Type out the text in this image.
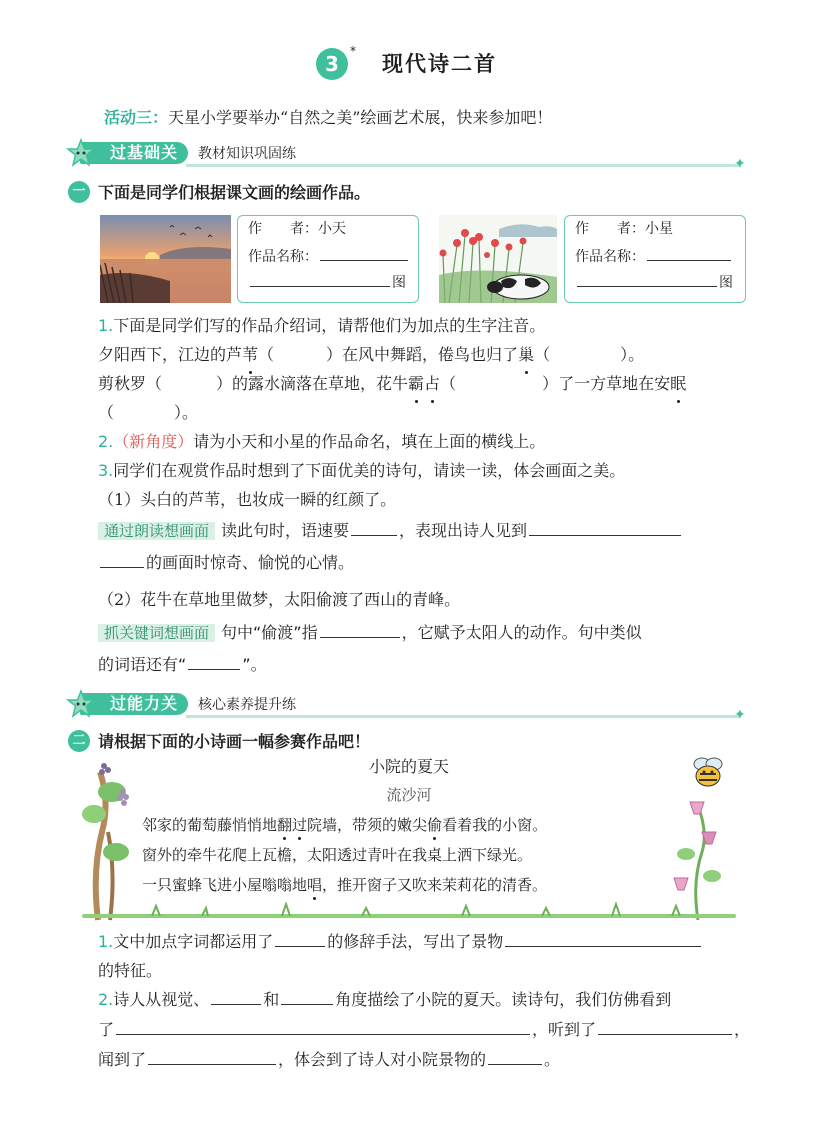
3
*
现代诗二首
活动三：天星小学要举办“自然之美”绘画艺术展，快来参加吧！
过基础关	教材知识巩固练
✦
一 下面是同学们根据课文画的绘画作品。
作　　者：小天
作品名称：
图
作　　者：小星
作品名称：
图
1.下面是同学们写的作品介绍词，请帮他们为加点的生字注音。
夕阳西下，江边的芦苇（	）在风中舞蹈，倦鸟也归了巢（	）。
剪秋罗（	）的露水滴落在草地，花牛霸占（	）了一方草地在安眠
（	）。
2.（新角度）请为小天和小星的作品命名，填在上面的横线上。
3.同学们在观赏作品时想到了下面优美的诗句，请读一读，体会画面之美。
（1）头白的芦苇，也妆成一瞬的红颜了。
通过朗读想画面 读此句时，语速要	，表现出诗人见到
的画面时惊奇、愉悦的心情。
（2）花牛在草地里做梦，太阳偷渡了西山的青峰。
抓关键词想画面 句中“偷渡”指	，它赋予太阳人的动作。句中类似
的词语还有“	”。
过能力关	核心素养提升练
✦
二 请根据下面的小诗画一幅参赛作品吧！
小院的夏天
流沙河
邻家的葡萄藤悄悄地翻过院墙，带须的嫩尖偷看着我的小窗。
窗外的牵牛花爬上瓦檐，太阳透过青叶在我桌上洒下绿光。
一只蜜蜂飞进小屋嗡嗡地唱，推开窗子又吹来茉莉花的清香。
1.文中加点字词都运用了	的修辞手法，写出了景物
的特征。
2.诗人从视觉、	和	角度描绘了小院的夏天。读诗句，我们仿佛看到
了	，听到了	，
闻到了	，体会到了诗人对小院景物的	。
